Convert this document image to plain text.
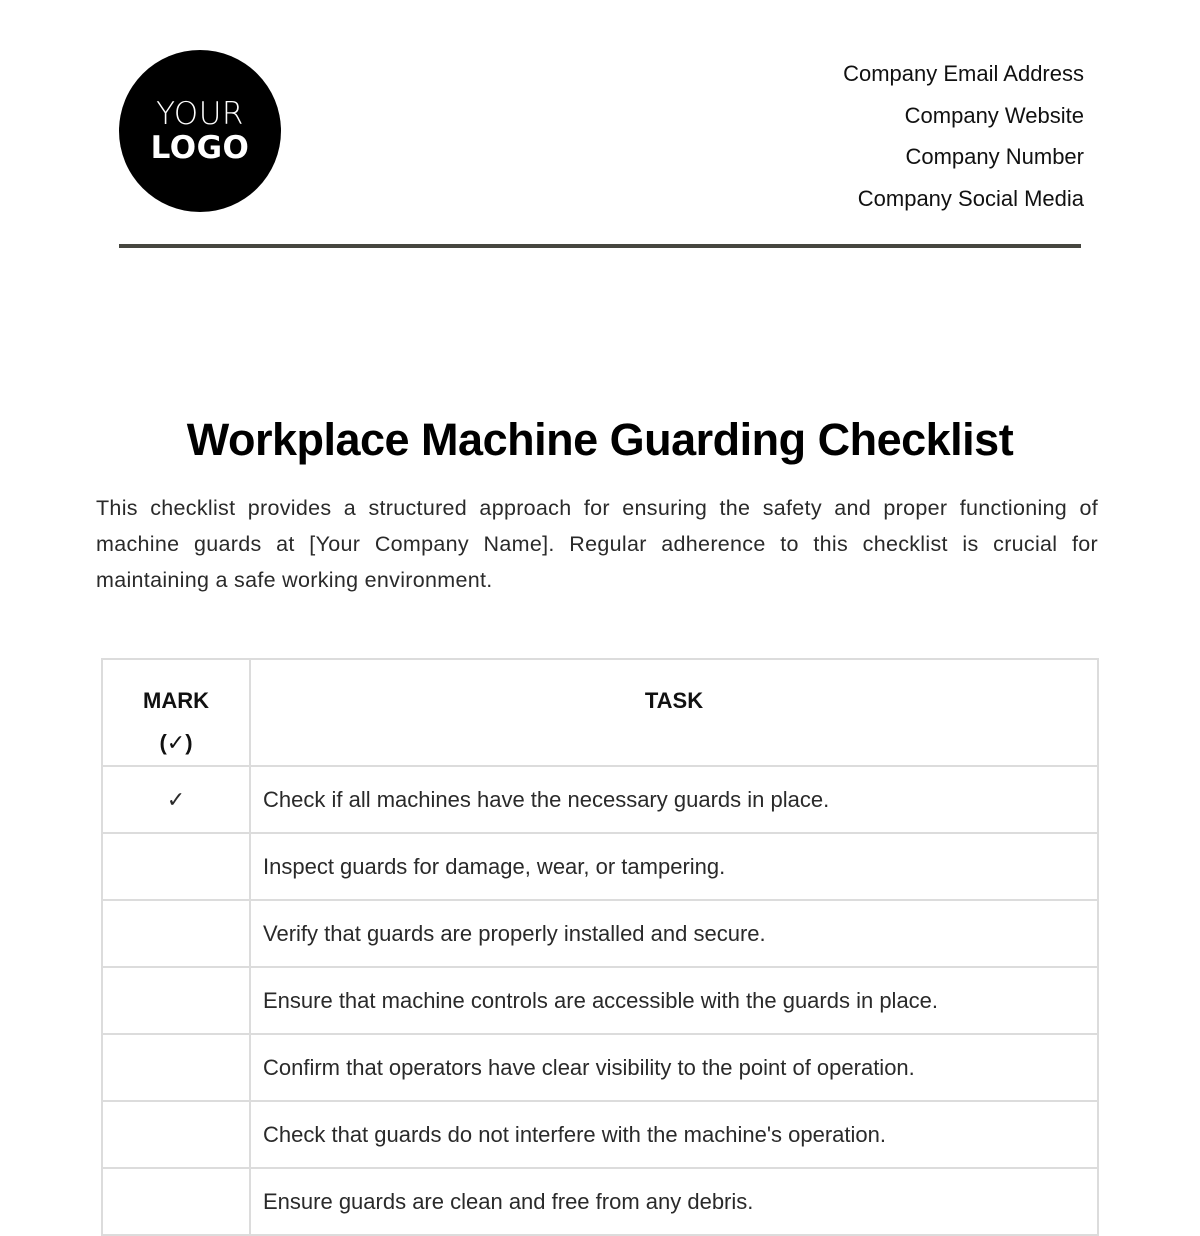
YOUR
LOGO
Company Email Address
Company Website
Company Number
Company Social Media
Workplace Machine Guarding Checklist

This checklist provides a structured approach for ensuring the safety and proper functioning of machine guards at [Your Company Name]. Regular adherence to this checklist is crucial for maintaining a safe working environment.

MARK
(✓)	TASK
✓	Check if all machines have the necessary guards in place.
	Inspect guards for damage, wear, or tampering.
	Verify that guards are properly installed and secure.
	Ensure that machine controls are accessible with the guards in place.
	Confirm that operators have clear visibility to the point of operation.
	Check that guards do not interfere with the machine's operation.
	Ensure guards are clean and free from any debris.
